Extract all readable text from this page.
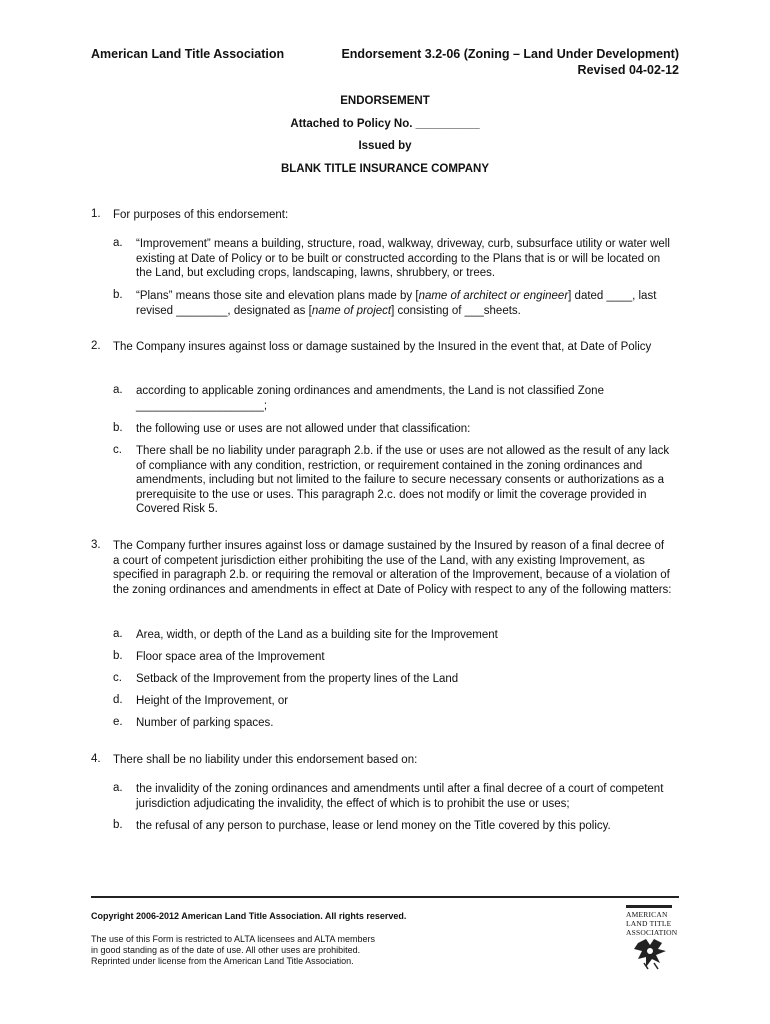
American Land Title Association	Endorsement 3.2-06 (Zoning – Land Under Development)
Revised 04-02-12
ENDORSEMENT
Attached to Policy No. __________
Issued by
BLANK TITLE INSURANCE COMPANY
1. For purposes of this endorsement:
a. “Improvement” means a building, structure, road, walkway, driveway, curb, subsurface utility or water well existing at Date of Policy or to be built or constructed according to the Plans that is or will be located on the Land, but excluding crops, landscaping, lawns, shrubbery, or trees.
b. “Plans” means those site and elevation plans made by [name of architect or engineer] dated ____, last revised ________, designated as [name of project] consisting of ___sheets.
2. The Company insures against loss or damage sustained by the Insured in the event that, at Date of Policy
a. according to applicable zoning ordinances and amendments, the Land is not classified Zone ____________________;
b. the following use or uses are not allowed under that classification:
c. There shall be no liability under paragraph 2.b. if the use or uses are not allowed as the result of any lack of compliance with any condition, restriction, or requirement contained in the zoning ordinances and amendments, including but not limited to the failure to secure necessary consents or authorizations as a prerequisite to the use or uses. This paragraph 2.c. does not modify or limit the coverage provided in Covered Risk 5.
3. The Company further insures against loss or damage sustained by the Insured by reason of a final decree of a court of competent jurisdiction either prohibiting the use of the Land, with any existing Improvement, as specified in paragraph 2.b. or requiring the removal or alteration of the Improvement, because of a violation of the zoning ordinances and amendments in effect at Date of Policy with respect to any of the following matters:
a. Area, width, or depth of the Land as a building site for the Improvement
b. Floor space area of the Improvement
c. Setback of the Improvement from the property lines of the Land
d. Height of the Improvement, or
e. Number of parking spaces.
4. There shall be no liability under this endorsement based on:
a. the invalidity of the zoning ordinances and amendments until after a final decree of a court of competent jurisdiction adjudicating the invalidity, the effect of which is to prohibit the use or uses;
b. the refusal of any person to purchase, lease or lend money on the Title covered by this policy.
Copyright 2006-2012 American Land Title Association. All rights reserved.
The use of this Form is restricted to ALTA licensees and ALTA members
in good standing as of the date of use. All other uses are prohibited.
Reprinted under license from the American Land Title Association.
AMERICAN
LAND TITLE
ASSOCIATION
